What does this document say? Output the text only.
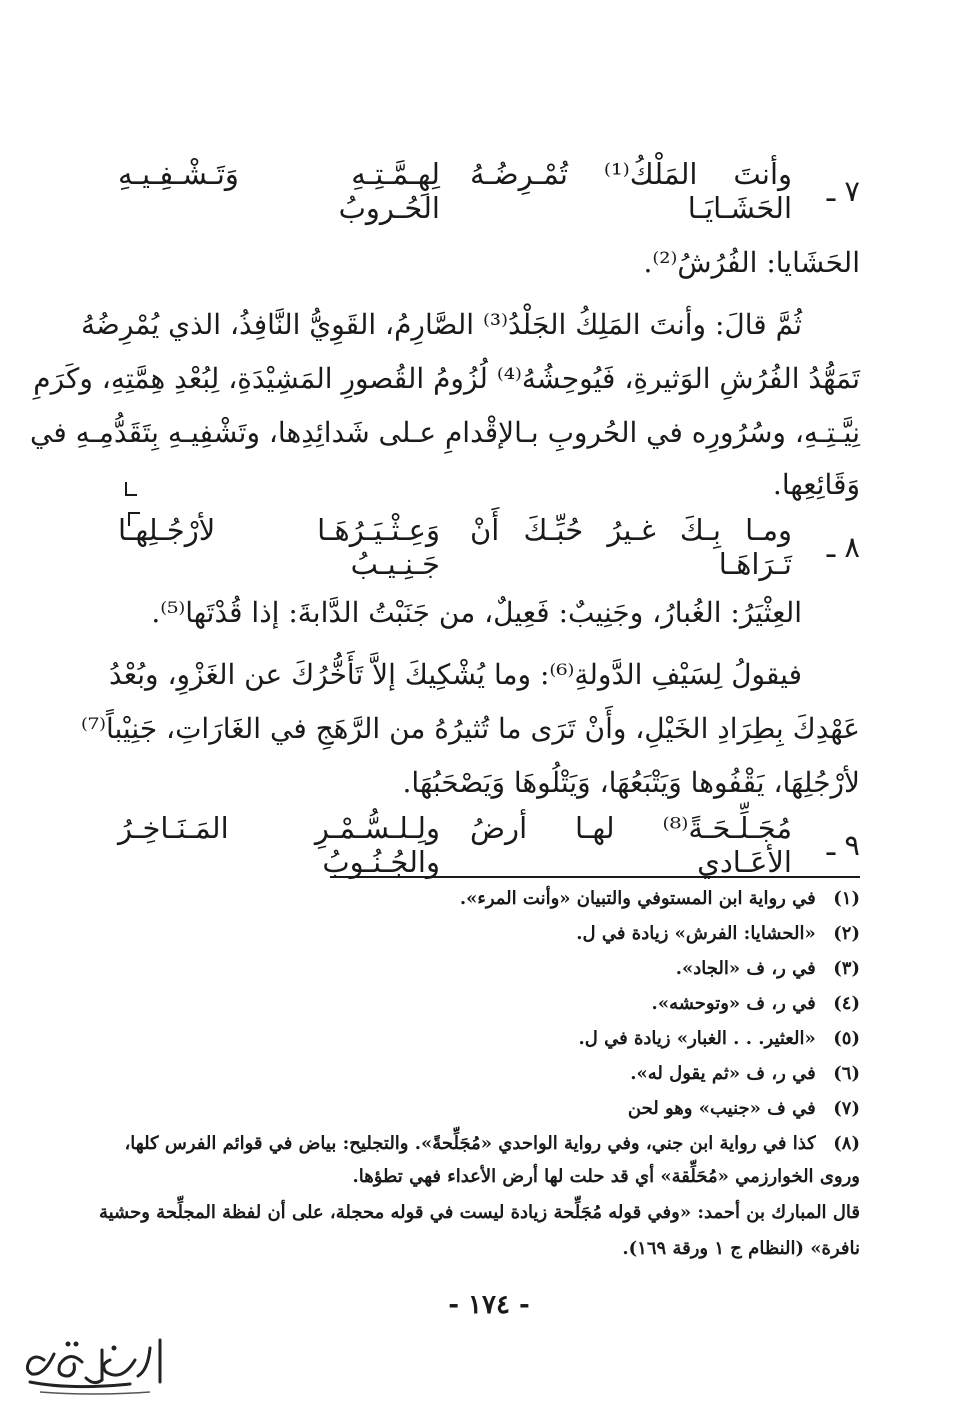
٧ ـ
وأنتَ المَلْكُ⁽¹⁾ تُمْـرِضُـهُ الحَشَـايَـا
لِهِـمَّـتِـهِ وَتَـشْـفِـيـهِ الحُـروبُ
الحَشَايا: الفُرُشُ⁽²⁾.
ثُمَّ قالَ: وأنتَ المَلِكُ الجَلْدُ⁽³⁾ الصَّارِمُ، القَوِيُّ النَّافِذُ، الذي يُمْرِضُهُ
تَمَهُّدُ الفُرُشِ الوَثيرةِ، فَيُوحِشُهُ⁽⁴⁾ لُزُومُ القُصورِ المَشِيْدَةِ، لِبُعْدِ هِمَّتِهِ، وكَرَمِ
نِيَّـتِـهِ، وسُرُورِه في الحُروبِ بـالإقْدامِ عـلى شَدائِدِها، وتَشْفِيـهِ بِتَقَدُّمِـهِ في
وَقَائِعِها.
٨ ـ
ومـا بِـكَ غـيرُ حُبِّـكَ أَنْ تَـرَاهَـا
وَعِـثْـيَـرُهَـا لأرْجُـلِهـا جَـنِـيـبُ
العِثْيَرُ: الغُبارُ، وجَنِيبٌ: فَعِيلٌ، من جَنَبْتُ الدَّابةَ: إذا قُدْتَها⁽⁵⁾.
فيقولُ لِسَيْفِ الدَّولةِ⁽⁶⁾: وما يُشْكِيكَ إلاَّ تَأَخُّرُكَ عن الغَزْوِ، وبُعْدُ
عَهْدِكَ بِطِرَادِ الخَيْلِ، وأَنْ تَرَى ما تُثيرُهُ من الرَّهَجِ في الغَارَاتِ، جَنِيْباً⁽⁷⁾
لأرْجُلِهَا، يَقْفُوها وَيَتْبَعُهَا، وَيَتْلُوهَا وَيَصْحَبُهَا.
٩ ـ
مُجَـلِّـحَـةً⁽⁸⁾ لهـا أرضُ الأعَـادي
ولِـلـسُّـمْـرِ المَـنَـاخِـرُ والجُـنُـوبُ
(١) في رواية ابن المستوفي والتبيان «وأنت المرء».
(٢) «الحشايا: الفرش» زيادة في ل.
(٣) في ر، ف «الجاد».
(٤) في ر، ف «وتوحشه».
(٥) «العثير. . . الغبار» زيادة في ل.
(٦) في ر، ف «ثم يقول له».
(٧) في ف «جنيب» وهو لحن
(٨) كذا في رواية ابن جني، وفي رواية الواحدي «مُجَلِّحةً». والتجليح: بياض في قوائم الفرس كلها،
وروى الخوارزمي «مُحَلِّقة» أي قد حلت لها أرض الأعداء فهي تطؤها.
قال المبارك بن أحمد: «وفي قوله مُجَلِّحة زيادة ليست في قوله محجلة، على أن لفظة المجلِّحة وحشية
نافرة» (النظام ج ١ ورقة ١٦٩).
- ١٧٤ -
